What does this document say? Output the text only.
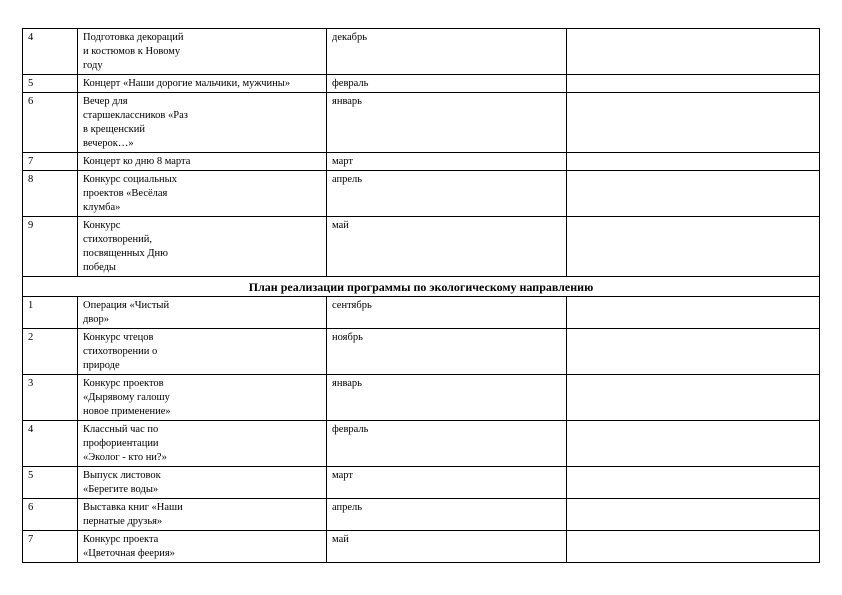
4	Подготовка декораций
и костюмов к Новому
году	декабрь	
5	Концерт «Наши дорогие мальчики, мужчины»	февраль	
6	Вечер для
старшеклассников «Раз
в крещенский
вечерок…»	январь	
7	Концерт ко дню 8 марта	март	
8	Конкурс социальных
проектов «Весёлая
клумба»	апрель	
9	Конкурс
стихотворений,
посвященных Дню
победы	май	
План реализации программы по экологическому направлению			
1	Операция «Чистый
двор»	сентябрь	
2	Конкурс чтецов
стихотворении о
природе	ноябрь	
3	Конкурс проектов
«Дырявому галошу
новое применение»	январь	
4	Классный час по
профориентации
«Эколог - кто ни?»	февраль	
5	Выпуск листовок
«Берегите воды»	март	
6	Выставка книг «Наши
пернатые друзья»	апрель	
7	Конкурс проекта
«Цветочная феерия»	май	
